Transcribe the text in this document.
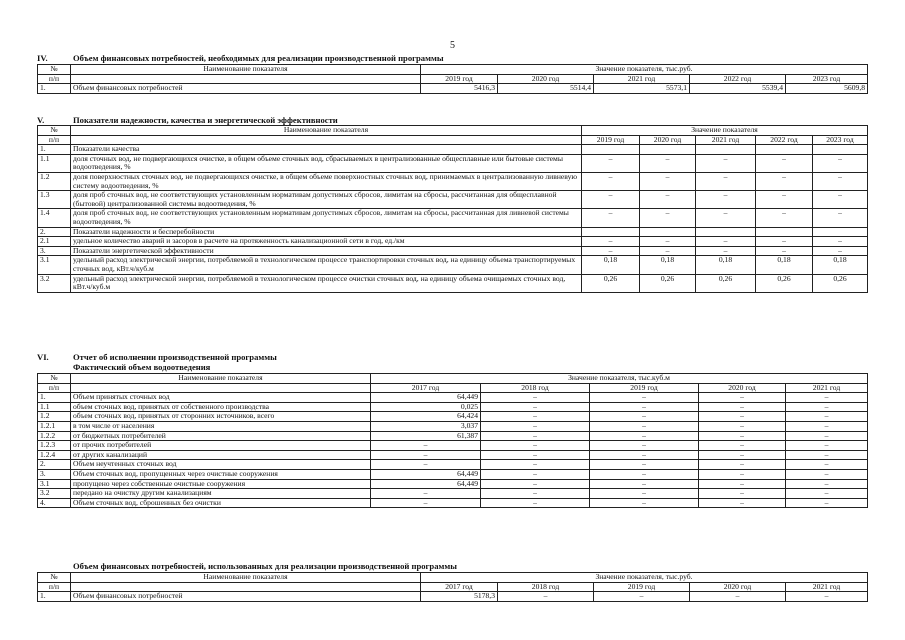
5
IV.	Объем финансовых потребностей, необходимых для реализации производственной программы
№	Наименование показателя	Значение показателя, тыс.руб.				
п/п		2019 год	2020 год	2021 год	2022 год	2023 год
1.	Объем финансовых потребностей	5416,3	5514,4	5573,1	5539,4	5609,8
V.	Показатели надежности, качества и энергетической эффективности
№	Наименование показателя	Значение показателя				
п/п		2019 год	2020 год	2021 год	2022 год	2023 год
1.	Показатели качества					
1.1	доля сточных вод, не подвергающихся очистке, в общем объеме сточных вод, сбрасываемых в централизованные общесплавные или бытовые системы водоотведения, %	–	–	–	–	–
1.2	доля поверхностных сточных вод, не подвергающихся очистке, в общем объеме поверхностных сточных вод, принимаемых в централизованную ливневую систему водоотведения, %	–	–	–	–	–
1.3	доля проб сточных вод, не соответствующих установленным нормативам допустимых сбросов, лимитам на сбросы, рассчитанная для общесплавной (бытовой) централизованной системы водоотведения, %	–	–	–	–	–
1.4	доля проб сточных вод, не соответствующих установленным нормативам допустимых сбросов, лимитам на сбросы, рассчитанная для ливневой системы водоотведения, %	–	–	–	–	–
2.	Показатели надежности и бесперебойности					
2.1	удельное количество аварий и засоров в расчете на протяженность канализационной сети в год, ед./км	–	–	–	–	–
3.	Показатели энергетической эффективности	–	–	–	–	–
3.1	удельный расход электрической энергии, потребляемой в технологическом процессе транспортировки сточных вод, на единицу объема транспортируемых сточных вод, кВт.ч/куб.м	0,18	0,18	0,18	0,18	0,18
3.2	удельный расход электрической энергии, потребляемой в технологическом процессе очистки сточных вод, на единицу объема очищаемых сточных вод, кВт.ч/куб.м	0,26	0,26	0,26	0,26	0,26
VI.	Отчет об исполнении производственной программы
Фактический объем водоотведения
№	Наименование показателя	Значение показателя, тыс.куб.м				
п/п		2017 год	2018 год	2019 год	2020 год	2021 год
1.	Объем принятых сточных вод	64,449	–	–	–	–
1.1	объем сточных вод, принятых от собственного производства	0,025	–	–	–	–
1.2	объем сточных вод, принятых от сторонних источников, всего	64,424	–	–	–	–
1.2.1	в том числе от населения	3,037	–	–	–	–
1.2.2	от бюджетных потребителей	61,387	–	–	–	–
1.2.3	от прочих потребителей	–	–	–	–	–
1.2.4	от других канализаций	–	–	–	–	–
2.	Объем неучтенных сточных вод	–	–	–	–	–
3.	Объем сточных вод, пропущенных через очистные сооружения	64,449	–	–	–	–
3.1	пропущено через собственные очистные сооружения	64,449	–	–	–	–
3.2	передано на очистку другим канализациям	–	–	–	–	–
4.	Объем сточных вод, сброшенных без очистки	–	–	–	–	–
Объем финансовых потребностей, использованных для реализации производственной программы
№	Наименование показателя	Значение показателя, тыс.руб.				
п/п		2017 год	2018 год	2019 год	2020 год	2021 год
1.	Объем финансовых потребностей	5178,3	–	–	–	–
